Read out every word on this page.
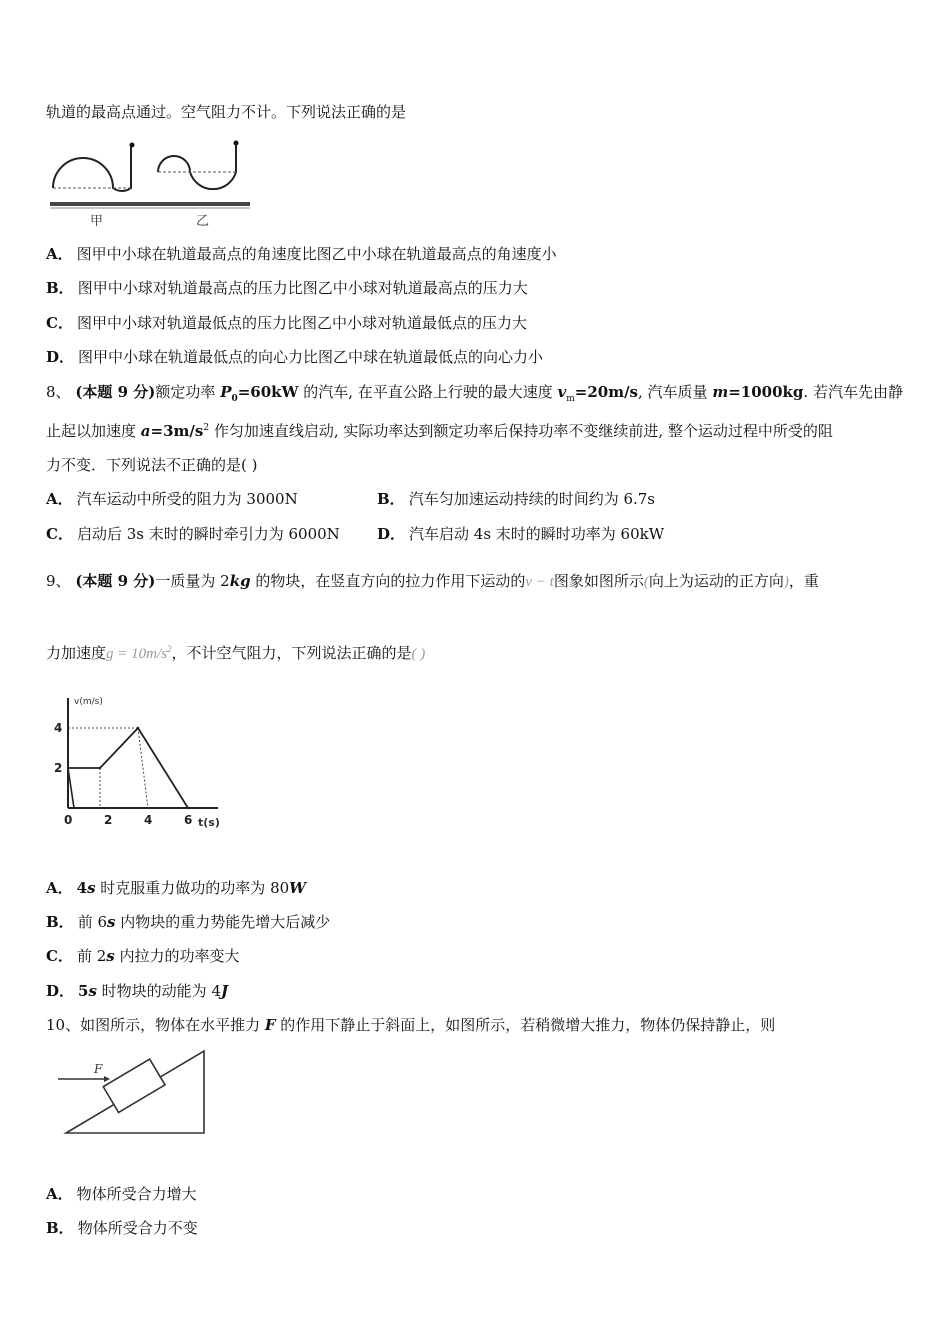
轨道的最高点通过。空气阻力不计。下列说法正确的是
甲	乙
A． 图甲中小球在轨道最高点的角速度比图乙中小球在轨道最高点的角速度小
B． 图甲中小球对轨道最高点的压力比图乙中小球对轨道最高点的压力大
C． 图甲中小球对轨道最低点的压力比图乙中小球对轨道最低点的压力大
D． 图甲中小球在轨道最低点的向心力比图乙中球在轨道最低点的向心力小
8、 (本题 9 分)额定功率 $P_0=60kW$ 的汽车, 在平直公路上行驶的最大速度 $v_m=20m/s$, 汽车质量 m=1000kg. 若汽车先由静
止起以加速度 $a=3m/s^2$ 作匀加速直线启动, 实际功率达到额定功率后保持功率不变继续前进, 整个运动过程中所受的阻
力不变．下列说法不正确的是( )
A． 汽车运动中所受的阻力为 3000N	B． 汽车匀加速运动持续的时间约为 6.7s
C． 启动后 3s 末时的瞬时牵引力为 6000N D． 汽车启动 4s 末时的瞬时功率为 60kW
9、 (本题 9 分)一质量为 2kg 的物块，在竖直方向的拉力作用下运动的v − t图象如图所示(向上为运动的正方向)，重
力加速度$g = 10m/s^2$，不计空气阻力，下列说法正确的是( )
v(m/s)
t(s)
0	2	4	6
2
4
A． 4s 时克服重力做功的功率为 80W
B． 前 6s 内物块的重力势能先增大后减少
C． 前 2s 内拉力的功率变大
D． 5s 时物块的动能为 4J
10、如图所示，物体在水平推力 F 的作用下静止于斜面上，如图所示，若稍微增大推力，物体仍保持静止，则
F
A． 物体所受合力增大
B． 物体所受合力不变
